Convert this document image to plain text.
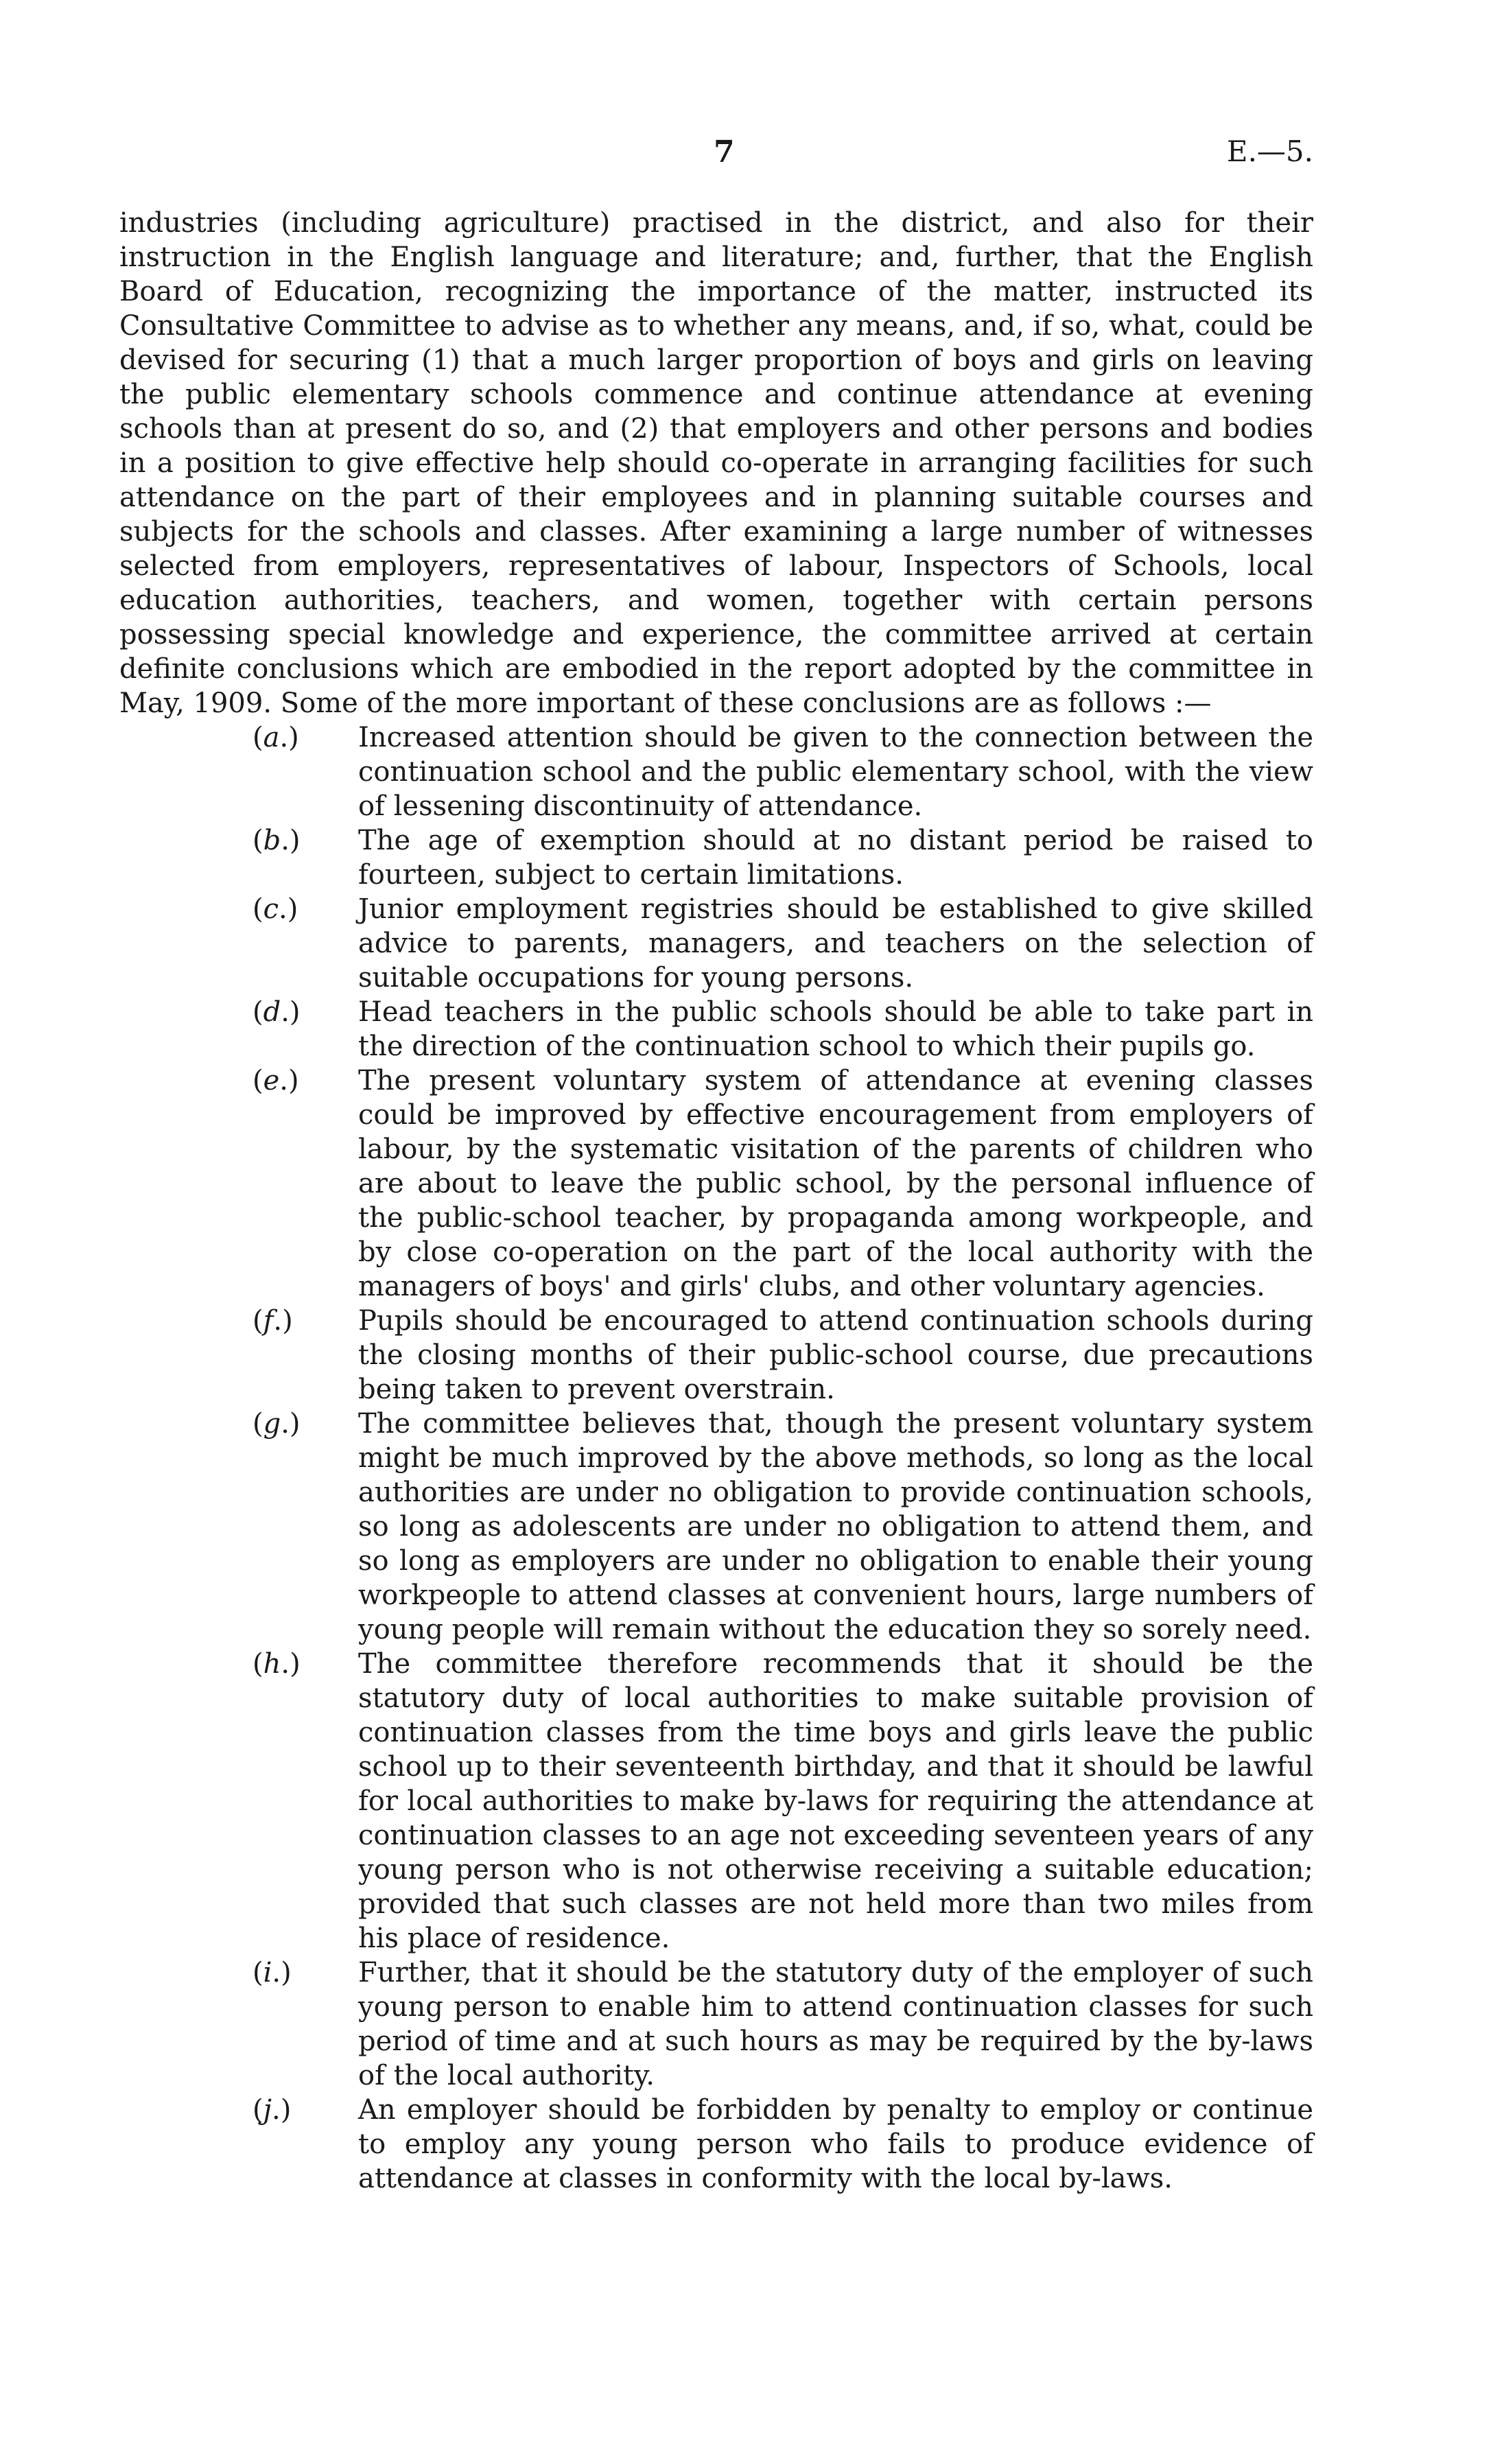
7	E.—5.

industries (including agriculture) practised in the district, and also for their instruction in the English language and literature; and, further, that the English Board of Education, recognizing the importance of the matter, instructed its Consultative Committee to advise as to whether any means, and, if so, what, could be devised for securing (1) that a much larger proportion of boys and girls on leaving the public elementary schools commence and continue attendance at evening schools than at present do so, and (2) that employers and other persons and bodies in a position to give effective help should co-operate in arranging facilities for such attendance on the part of their employees and in planning suitable courses and subjects for the schools and classes. After examining a large number of witnesses selected from employers, representatives of labour, Inspectors of Schools, local education authorities, teachers, and women, together with certain persons possessing special knowledge and experience, the committee arrived at certain definite conclusions which are embodied in the report adopted by the committee in May, 1909. Some of the more important of these conclusions are as follows :—

(a.) Increased attention should be given to the connection between the continuation school and the public elementary school, with the view of lessening discontinuity of attendance.
(b.) The age of exemption should at no distant period be raised to fourteen, subject to certain limitations.
(c.) Junior employment registries should be established to give skilled advice to parents, managers, and teachers on the selection of suitable occupations for young persons.
(d.) Head teachers in the public schools should be able to take part in the direction of the continuation school to which their pupils go.
(e.) The present voluntary system of attendance at evening classes could be improved by effective encouragement from employers of labour, by the systematic visitation of the parents of children who are about to leave the public school, by the personal influence of the public-school teacher, by propaganda among workpeople, and by close co-operation on the part of the local authority with the managers of boys' and girls' clubs, and other voluntary agencies.
(f.) Pupils should be encouraged to attend continuation schools during the closing months of their public-school course, due precautions being taken to prevent overstrain.
(g.) The committee believes that, though the present voluntary system might be much improved by the above methods, so long as the local authorities are under no obligation to provide continuation schools, so long as adolescents are under no obligation to attend them, and so long as employers are under no obligation to enable their young workpeople to attend classes at convenient hours, large numbers of young people will remain without the education they so sorely need.
(h.) The committee therefore recommends that it should be the statutory duty of local authorities to make suitable provision of continuation classes from the time boys and girls leave the public school up to their seventeenth birthday, and that it should be lawful for local authorities to make by-laws for requiring the attendance at continuation classes to an age not exceeding seventeen years of any young person who is not otherwise receiving a suitable education; provided that such classes are not held more than two miles from his place of residence.
(i.) Further, that it should be the statutory duty of the employer of such young person to enable him to attend continuation classes for such period of time and at such hours as may be required by the by-laws of the local authority.
(j.) An employer should be forbidden by penalty to employ or continue to employ any young person who fails to produce evidence of attendance at classes in conformity with the local by-laws.
